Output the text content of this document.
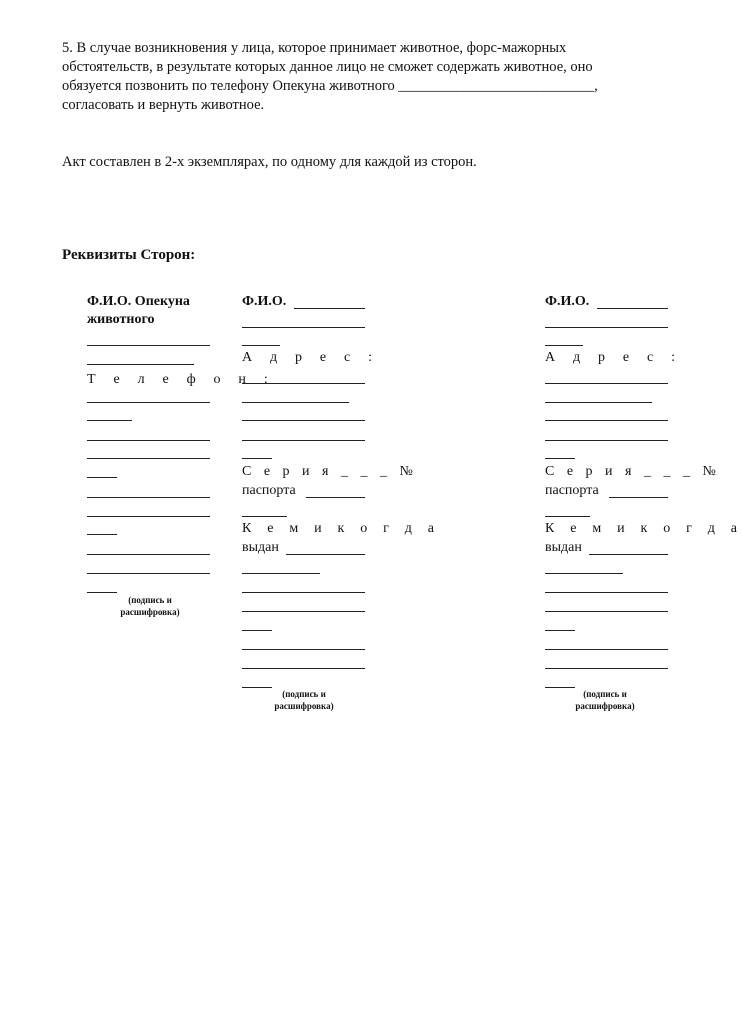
5. В случае возникновения у лица, которое принимает животное, форс-мажорных
обстоятельств, в результате которых данное лицо не сможет содержать животное, оно
обязуется позвонить по телефону Опекуна животного ___________________________,
согласовать и вернуть животное.
Акт составлен в 2-х экземплярах, по одному для каждой из сторон.
Реквизиты Сторон:
Ф.И.О. Опекуна
животного
Т е л е ф о н :
(подпись и
расшифровка)
Ф.И.О.
А д р е с :
С е р и я _ _ _ №
паспорта
К е м и к о г д а
выдан
(подпись и
расшифровка)
Ф.И.О.
А д р е с :
С е р и я _ _ _ №
паспорта
К е м и к о г д а
выдан
(подпись и
расшифровка)
